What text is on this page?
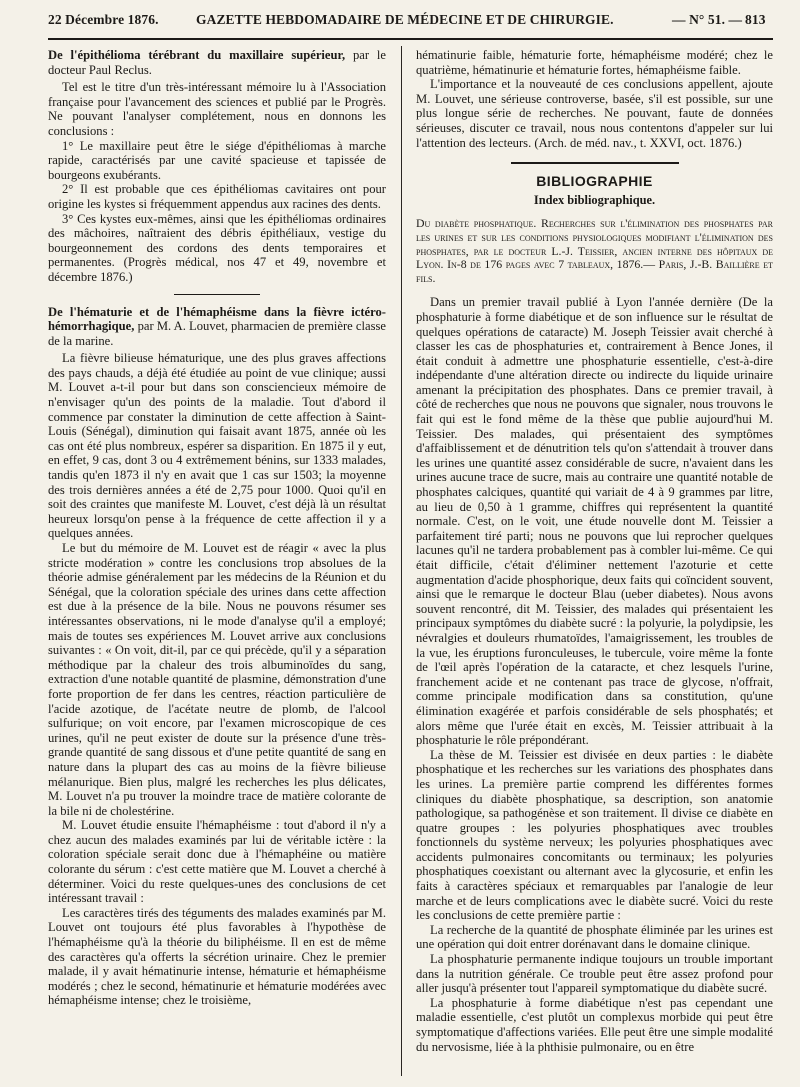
22 Décembre 1876.	GAZETTE HEBDOMADAIRE DE MÉDECINE ET DE CHIRURGIE.	— N° 51. — 813

De l'épithélioma térébrant du maxillaire supérieur, par le docteur Paul Reclus.

Tel est le titre d'un très-intéressant mémoire lu à l'Association française pour l'avancement des sciences et publié par le Progrès. Ne pouvant l'analyser complétement, nous en donnons les conclusions :

1° Le maxillaire peut être le siége d'épithéliomas à marche rapide, caractérisés par une cavité spacieuse et tapissée de bourgeons exubérants.

2° Il est probable que ces épithéliomas cavitaires ont pour origine les kystes si fréquemment appendus aux racines des dents.

3° Ces kystes eux-mêmes, ainsi que les épithéliomas ordinaires des mâchoires, naîtraient des débris épithéliaux, vestige du bourgeonnement des cordons des dents temporaires et permanentes. (Progrès médical, nos 47 et 49, novembre et décembre 1876.)

De l'hématurie et de l'hémaphéisme dans la fièvre ictéro-hémorrhagique, par M. A. Louvet, pharmacien de première classe de la marine.

La fièvre bilieuse hématurique, une des plus graves affections des pays chauds, a déjà été étudiée au point de vue clinique; aussi M. Louvet a-t-il pour but dans son consciencieux mémoire de n'envisager qu'un des points de la maladie. Tout d'abord il commence par constater la diminution de cette affection à Saint-Louis (Sénégal), diminution qui faisait avant 1875, année où les cas ont été plus nombreux, espérer sa disparition. En 1875 il y eut, en effet, 9 cas, dont 3 ou 4 extrêmement bénins, sur 1333 malades, tandis qu'en 1873 il n'y en avait que 1 cas sur 1503; la moyenne des trois dernières années a été de 2,75 pour 1000. Quoi qu'il en soit des craintes que manifeste M. Louvet, c'est déjà là un résultat heureux lorsqu'on pense à la fréquence de cette affection il y a quelques années.

Le but du mémoire de M. Louvet est de réagir « avec la plus stricte modération » contre les conclusions trop absolues de la théorie admise généralement par les médecins de la Réunion et du Sénégal, que la coloration spéciale des urines dans cette affection est due à la présence de la bile. Nous ne pouvons résumer ses intéressantes observations, ni le mode d'analyse qu'il a employé; mais de toutes ses expériences M. Louvet arrive aux conclusions suivantes : « On voit, dit-il, par ce qui précède, qu'il y a séparation méthodique par la chaleur des trois albuminoïdes du sang, extraction d'une notable quantité de plasmine, démonstration d'une forte proportion de fer dans les centres, réaction particulière de l'acide azotique, de l'acétate neutre de plomb, de l'alcool sulfurique; on voit encore, par l'examen microscopique de ces urines, qu'il ne peut exister de doute sur la présence d'une très-grande quantité de sang dissous et d'une petite quantité de sang en nature dans la plupart des cas au moins de la fièvre bilieuse mélanurique. Bien plus, malgré les recherches les plus délicates, M. Louvet n'a pu trouver la moindre trace de matière colorante de la bile ni de cholestérine.

M. Louvet étudie ensuite l'hémaphéisme : tout d'abord il n'y a chez aucun des malades examinés par lui de véritable ictère : la coloration spéciale serait donc due à l'hémaphéine ou matière colorante du sérum : c'est cette matière que M. Louvet a cherché à déterminer. Voici du reste quelques-unes des conclusions de cet intéressant travail :

Les caractères tirés des téguments des malades examinés par M. Louvet ont toujours été plus favorables à l'hypothèse de l'hémaphéisme qu'à la théorie du biliphéisme. Il en est de même des caractères qu'a offerts la sécrétion urinaire. Chez le premier malade, il y avait hématinurie intense, hématurie et hémaphéisme modérés ; chez le second, hématinurie et hématurie modérées avec hémaphéisme intense; chez le troisième,

hématinurie faible, hématurie forte, hémaphéisme modéré; chez le quatrième, hématinurie et hématurie fortes, hémaphéisme faible.

L'importance et la nouveauté de ces conclusions appellent, ajoute M. Louvet, une sérieuse controverse, basée, s'il est possible, sur une plus longue série de recherches. Ne pouvant, faute de données sérieuses, discuter ce travail, nous nous contentons d'appeler sur lui l'attention des lecteurs. (Arch. de méd. nav., t. XXVI, oct. 1876.)

BIBLIOGRAPHIE
Index bibliographique.

Du diabète phosphatique. Recherches sur l'élimination des phosphates par les urines et sur les conditions physiologiques modifiant l'élimination des phosphates, par le docteur L.-J. Teissier, ancien interne des hôpitaux de Lyon. In-8 de 176 pages avec 7 tableaux, 1876.— Paris, J.-B. Baillière et fils.

Dans un premier travail publié à Lyon l'année dernière (De la phosphaturie à forme diabétique et de son influence sur le résultat de quelques opérations de cataracte) M. Joseph Teissier avait cherché à classer les cas de phosphaturies et, contrairement à Bence Jones, il était conduit à admettre une phosphaturie essentielle, c'est-à-dire indépendante d'une altération directe ou indirecte du liquide urinaire amenant la précipitation des phosphates. Dans ce premier travail, à côté de recherches que nous ne pouvons que signaler, nous trouvons le fait qui est le fond même de la thèse que publie aujourd'hui M. Teissier. Des malades, qui présentaient des symptômes d'affaiblissement et de dénutrition tels qu'on s'attendait à trouver dans les urines une quantité assez considérable de sucre, n'avaient dans les urines aucune trace de sucre, mais au contraire une quantité notable de phosphates calciques, quantité qui variait de 4 à 9 grammes par litre, au lieu de 0,50 à 1 gramme, chiffres qui représentent la quantité normale. C'est, on le voit, une étude nouvelle dont M. Teissier a parfaitement tiré parti; nous ne pouvons que lui reprocher quelques lacunes qu'il ne tardera probablement pas à combler lui-même. Ce qui était difficile, c'était d'éliminer nettement l'azoturie et cette augmentation d'acide phosphorique, deux faits qui coïncident souvent, ainsi que le remarque le docteur Blau (ueber diabetes). Nous avons souvent rencontré, dit M. Teissier, des malades qui présentaient les principaux symptômes du diabète sucré : la polyurie, la polydipsie, les névralgies et douleurs rhumatoïdes, l'amaigrissement, les troubles de la vue, les éruptions furonculeuses, le tubercule, voire même la fonte de l'œil après l'opération de la cataracte, et chez lesquels l'urine, franchement acide et ne contenant pas trace de glycose, n'offrait, comme principale modification dans sa constitution, qu'une élimination exagérée et parfois considérable de sels phosphatés; et alors même que l'urée était en excès, M. Teissier attribuait à la phosphaturie le rôle prépondérant.

La thèse de M. Teissier est divisée en deux parties : le diabète phosphatique et les recherches sur les variations des phosphates dans les urines. La première partie comprend les différentes formes cliniques du diabète phosphatique, sa description, son anatomie pathologique, sa pathogénèse et son traitement. Il divise ce diabète en quatre groupes : les polyuries phosphatiques avec troubles fonctionnels du système nerveux; les polyuries phosphatiques avec accidents pulmonaires concomitants ou terminaux; les polyuries phosphatiques coexistant ou alternant avec la glycosurie, et enfin les faits à caractères spéciaux et remarquables par l'analogie de leur marche et de leurs complications avec le diabète sucré. Voici du reste les conclusions de cette première partie :

La recherche de la quantité de phosphate éliminée par les urines est une opération qui doit entrer dorénavant dans le domaine clinique.

La phosphaturie permanente indique toujours un trouble important dans la nutrition générale. Ce trouble peut être assez profond pour aller jusqu'à présenter tout l'appareil symptomatique du diabète sucré.

La phosphaturie à forme diabétique n'est pas cependant une maladie essentielle, c'est plutôt un complexus morbide qui peut être symptomatique d'affections variées. Elle peut être une simple modalité du nervosisme, liée à la phthisie pulmonaire, ou en être
